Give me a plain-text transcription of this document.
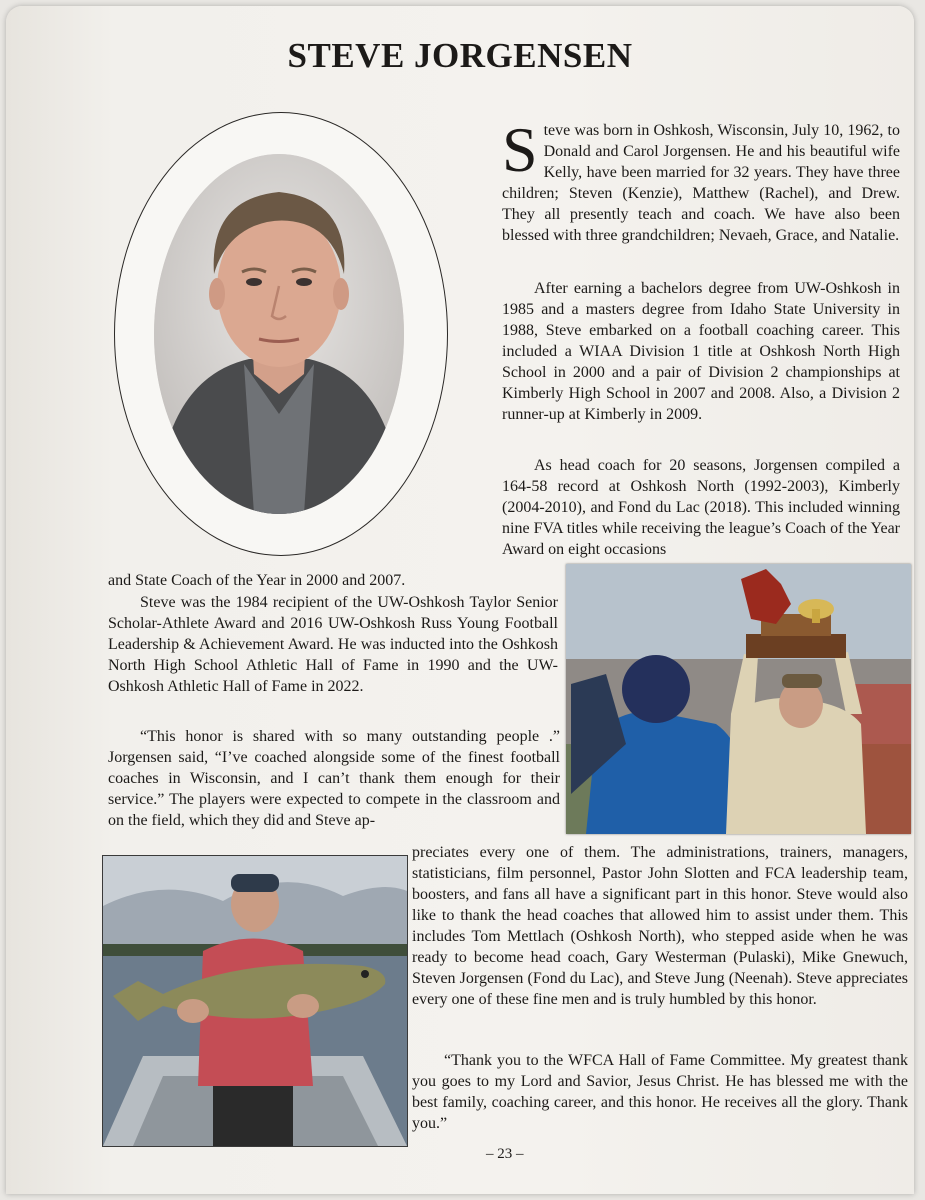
STEVE JORGENSEN

Steve was born in Oshkosh, Wisconsin, July 10, 1962, to Donald and Carol Jorgensen. He and his beautiful wife Kelly, have been married for 32 years. They have three children; Steven (Kenzie), Matthew (Rachel), and Drew. They all presently teach and coach. We have also been blessed with three grandchildren; Nevaeh, Grace, and Natalie.

After earning a bachelors degree from UW-Oshkosh in 1985 and a masters degree from Idaho State University in 1988, Steve embarked on a football coaching career. This included a WIAA Division 1 title at Oshkosh North High School in 2000 and a pair of Division 2 championships at Kimberly High School in 2007 and 2008. Also, a Division 2 runner-up at Kimberly in 2009.

As head coach for 20 seasons, Jorgensen compiled a 164-58 record at Oshkosh North (1992-2003), Kimberly (2004-2010), and Fond du Lac (2018). This included winning nine FVA titles while receiving the league’s Coach of the Year Award on eight occasions

and State Coach of the Year in 2000 and 2007.

Steve was the 1984 recipient of the UW-Oshkosh Taylor Senior Scholar-Athlete Award and 2016 UW-Oshkosh Russ Young Football Leadership & Achievement Award. He was inducted into the Oshkosh North High School Athletic Hall of Fame in 1990 and the UW-Oshkosh Athletic Hall of Fame in 2022.

“This honor is shared with so many outstanding people .” Jorgensen said, “I’ve coached alongside some of the finest football coaches in Wisconsin, and I can’t thank them enough for their service.” The players were expected to compete in the classroom and on the field, which they did and Steve ap-

preciates every one of them. The administrations, trainers, managers, statisticians, film personnel, Pastor John Slotten and FCA leadership team, boosters, and fans all have a significant part in this honor. Steve would also like to thank the head coaches that allowed him to assist under them. This includes Tom Mettlach (Oshkosh North), who stepped aside when he was ready to become head coach, Gary Westerman (Pulaski), Mike Gnewuch, Steven Jorgensen (Fond du Lac), and Steve Jung (Neenah). Steve appreciates every one of these fine men and is truly humbled by this honor.

“Thank you to the WFCA Hall of Fame Committee. My greatest thank you goes to my Lord and Savior, Jesus Christ. He has blessed me with the best family, coaching career, and this honor. He receives all the glory. Thank you.”

– 23 –
